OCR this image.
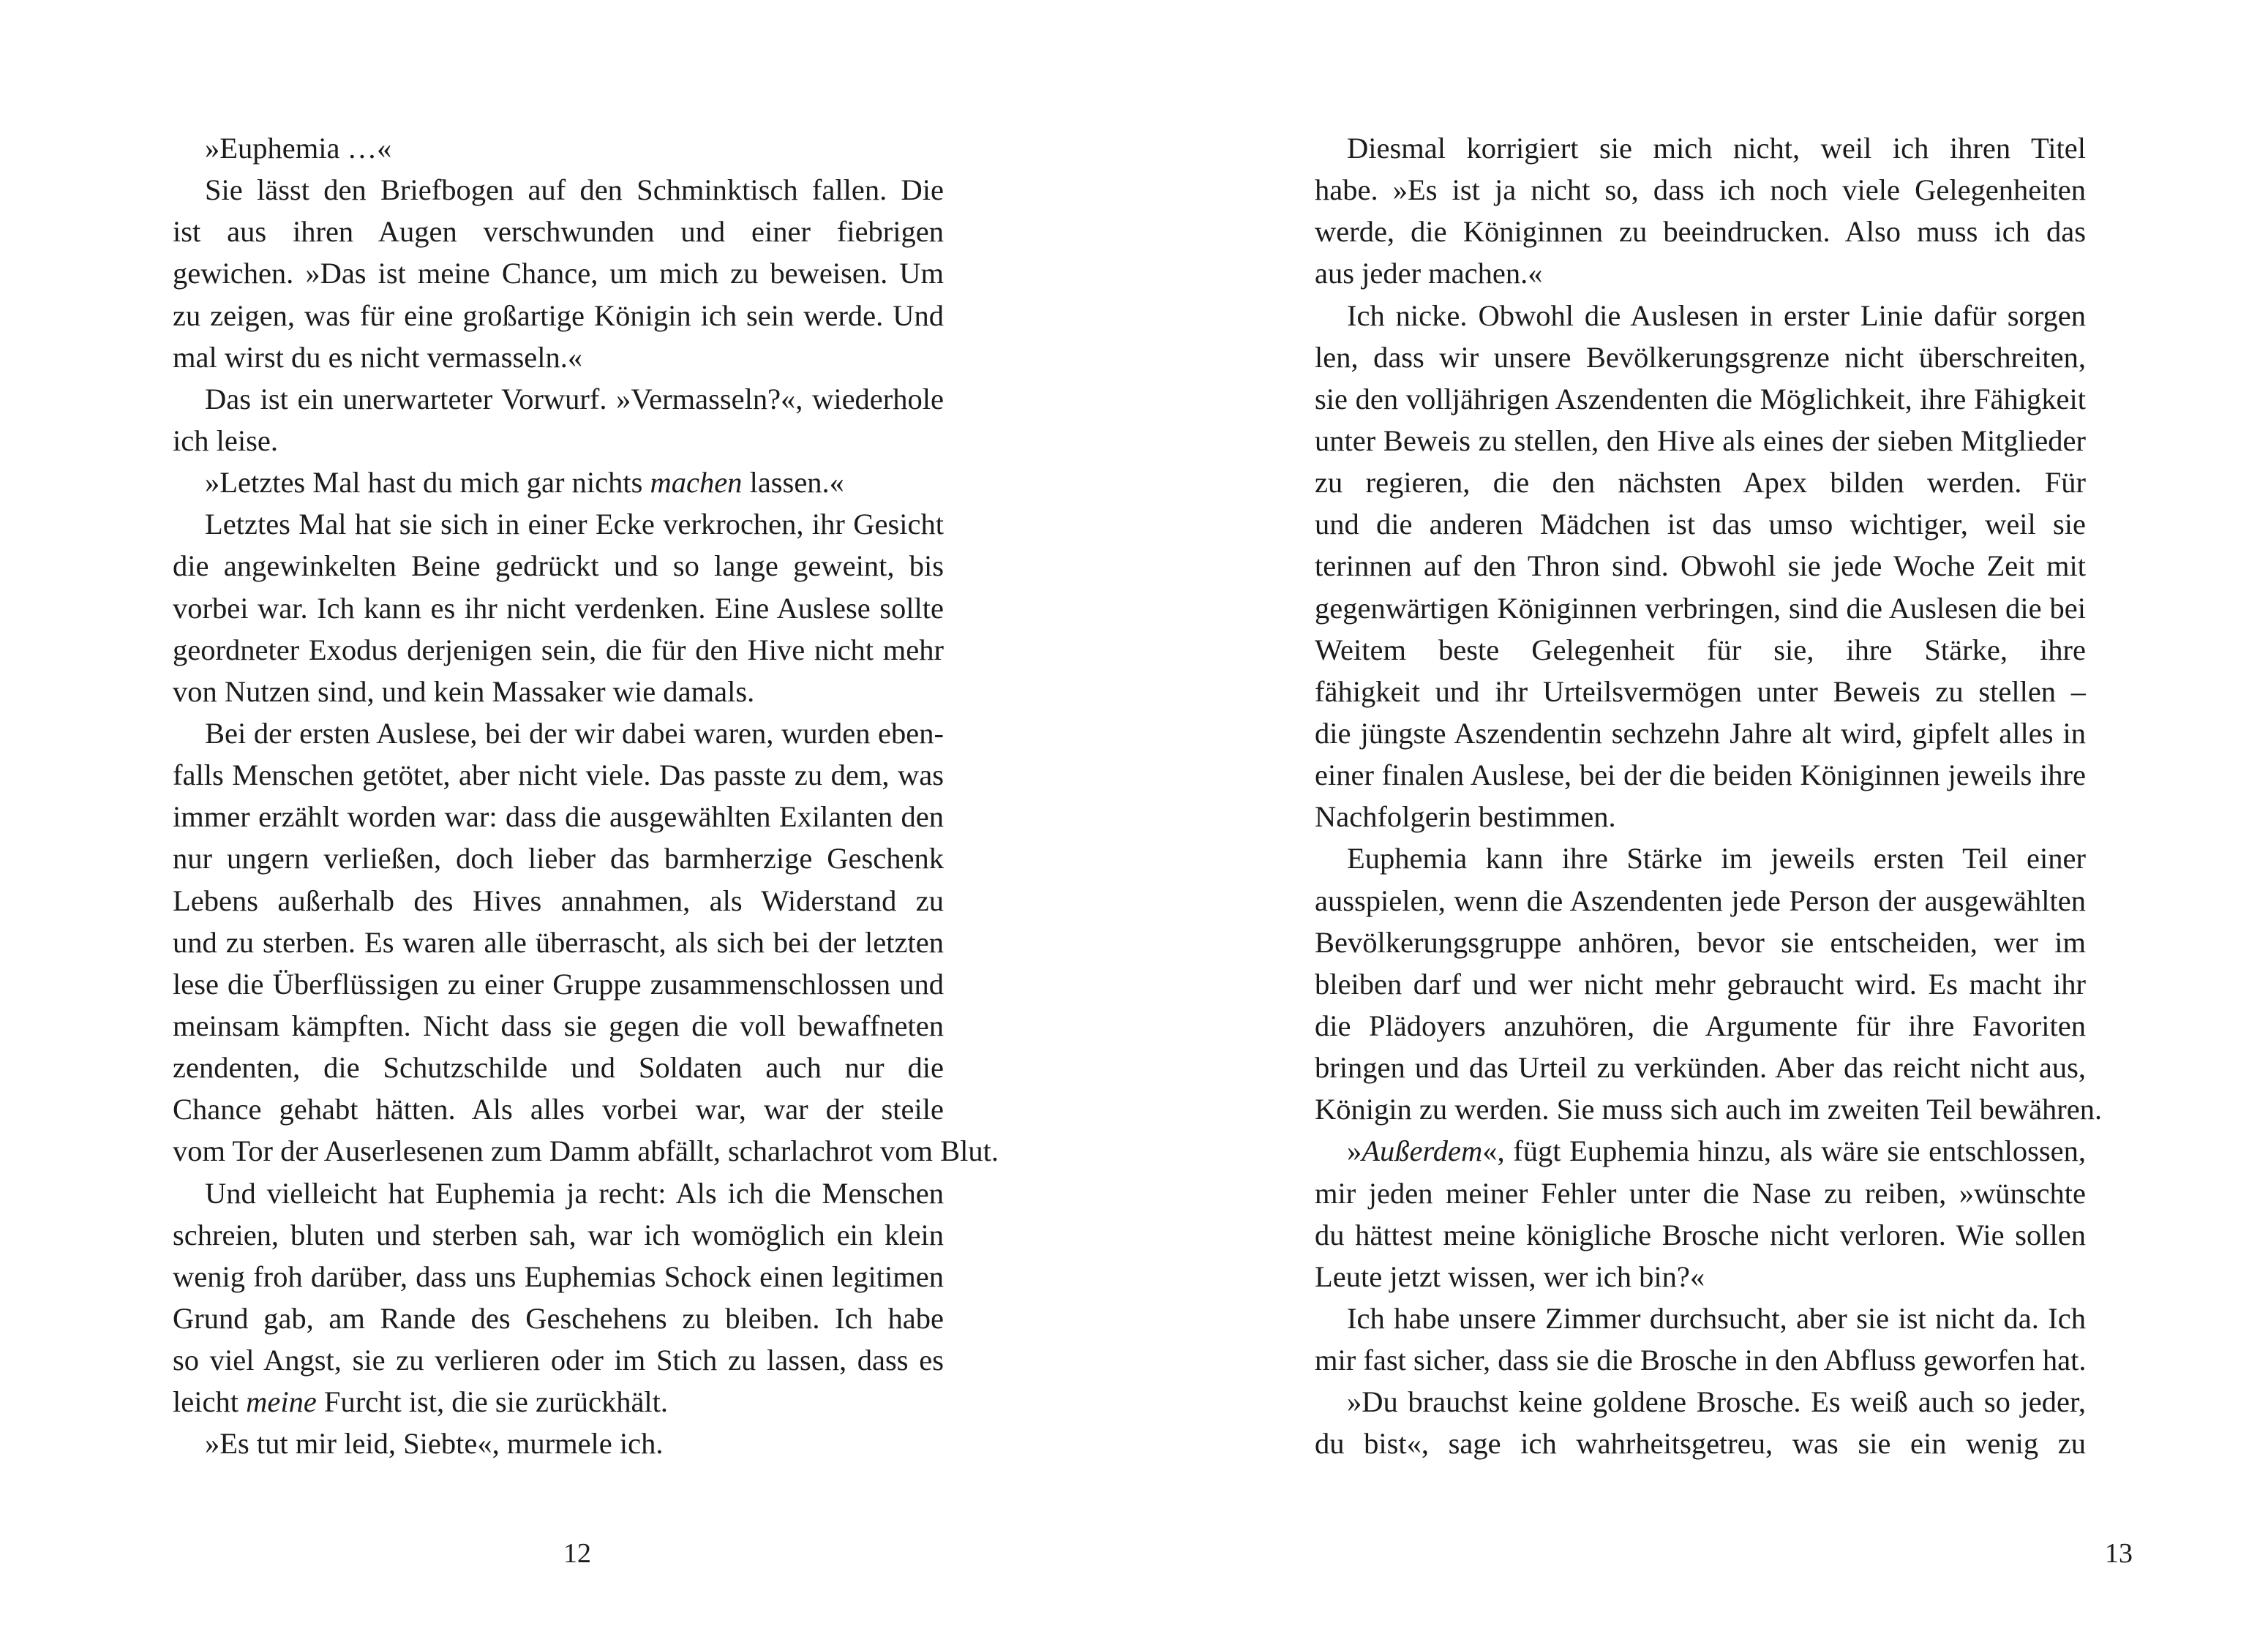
»Euphemia …«
Sie lässt den Briefbogen auf den Schminktisch fallen. Die
ist aus ihren Augen verschwunden und einer fiebrigen
gewichen. »Das ist meine Chance, um mich zu beweisen. Um
zu zeigen, was für eine großartige Königin ich sein werde. Und
mal wirst du es nicht vermasseln.«
Das ist ein unerwarteter Vorwurf. »Vermasseln?«, wiederhole
ich leise.
»Letztes Mal hast du mich gar nichts machen lassen.«
Letztes Mal hat sie sich in einer Ecke verkrochen, ihr Gesicht
die angewinkelten Beine gedrückt und so lange geweint, bis
vorbei war. Ich kann es ihr nicht verdenken. Eine Auslese sollte
geordneter Exodus derjenigen sein, die für den Hive nicht mehr
von Nutzen sind, und kein Massaker wie damals.
Bei der ersten Auslese, bei der wir dabei waren, wurden eben-
falls Menschen getötet, aber nicht viele. Das passte zu dem, was
immer erzählt worden war: dass die ausgewählten Exilanten den
nur ungern verließen, doch lieber das barmherzige Geschenk
Lebens außerhalb des Hives annahmen, als Widerstand zu
und zu sterben. Es waren alle überrascht, als sich bei der letzten
lese die Überflüssigen zu einer Gruppe zusammenschlossen und
meinsam kämpften. Nicht dass sie gegen die voll bewaffneten
zendenten, die Schutzschilde und Soldaten auch nur die
Chance gehabt hätten. Als alles vorbei war, war der steile
vom Tor der Auserlesenen zum Damm abfällt, scharlachrot vom Blut.
Und vielleicht hat Euphemia ja recht: Als ich die Menschen
schreien, bluten und sterben sah, war ich womöglich ein klein
wenig froh darüber, dass uns Euphemias Schock einen legitimen
Grund gab, am Rande des Geschehens zu bleiben. Ich habe
so viel Angst, sie zu verlieren oder im Stich zu lassen, dass es
leicht meine Furcht ist, die sie zurückhält.
»Es tut mir leid, Siebte«, murmele ich.
12
Diesmal korrigiert sie mich nicht, weil ich ihren Titel
habe. »Es ist ja nicht so, dass ich noch viele Gelegenheiten
werde, die Königinnen zu beeindrucken. Also muss ich das
aus jeder machen.«
Ich nicke. Obwohl die Auslesen in erster Linie dafür sorgen
len, dass wir unsere Bevölkerungsgrenze nicht überschreiten,
sie den volljährigen Aszendenten die Möglichkeit, ihre Fähigkeit
unter Beweis zu stellen, den Hive als eines der sieben Mitglieder
zu regieren, die den nächsten Apex bilden werden. Für
und die anderen Mädchen ist das umso wichtiger, weil sie
terinnen auf den Thron sind. Obwohl sie jede Woche Zeit mit
gegenwärtigen Königinnen verbringen, sind die Auslesen die bei
Weitem beste Gelegenheit für sie, ihre Stärke, ihre
fähigkeit und ihr Urteilsvermögen unter Beweis zu stellen –
die jüngste Aszendentin sechzehn Jahre alt wird, gipfelt alles in
einer finalen Auslese, bei der die beiden Königinnen jeweils ihre
Nachfolgerin bestimmen.
Euphemia kann ihre Stärke im jeweils ersten Teil einer
ausspielen, wenn die Aszendenten jede Person der ausgewählten
Bevölkerungsgruppe anhören, bevor sie entscheiden, wer im
bleiben darf und wer nicht mehr gebraucht wird. Es macht ihr
die Plädoyers anzuhören, die Argumente für ihre Favoriten
bringen und das Urteil zu verkünden. Aber das reicht nicht aus,
Königin zu werden. Sie muss sich auch im zweiten Teil bewähren.
»Außerdem«, fügt Euphemia hinzu, als wäre sie entschlossen,
mir jeden meiner Fehler unter die Nase zu reiben, »wünschte
du hättest meine königliche Brosche nicht verloren. Wie sollen
Leute jetzt wissen, wer ich bin?«
Ich habe unsere Zimmer durchsucht, aber sie ist nicht da. Ich
mir fast sicher, dass sie die Brosche in den Abfluss geworfen hat.
»Du brauchst keine goldene Brosche. Es weiß auch so jeder,
du bist«, sage ich wahrheitsgetreu, was sie ein wenig zu
13
